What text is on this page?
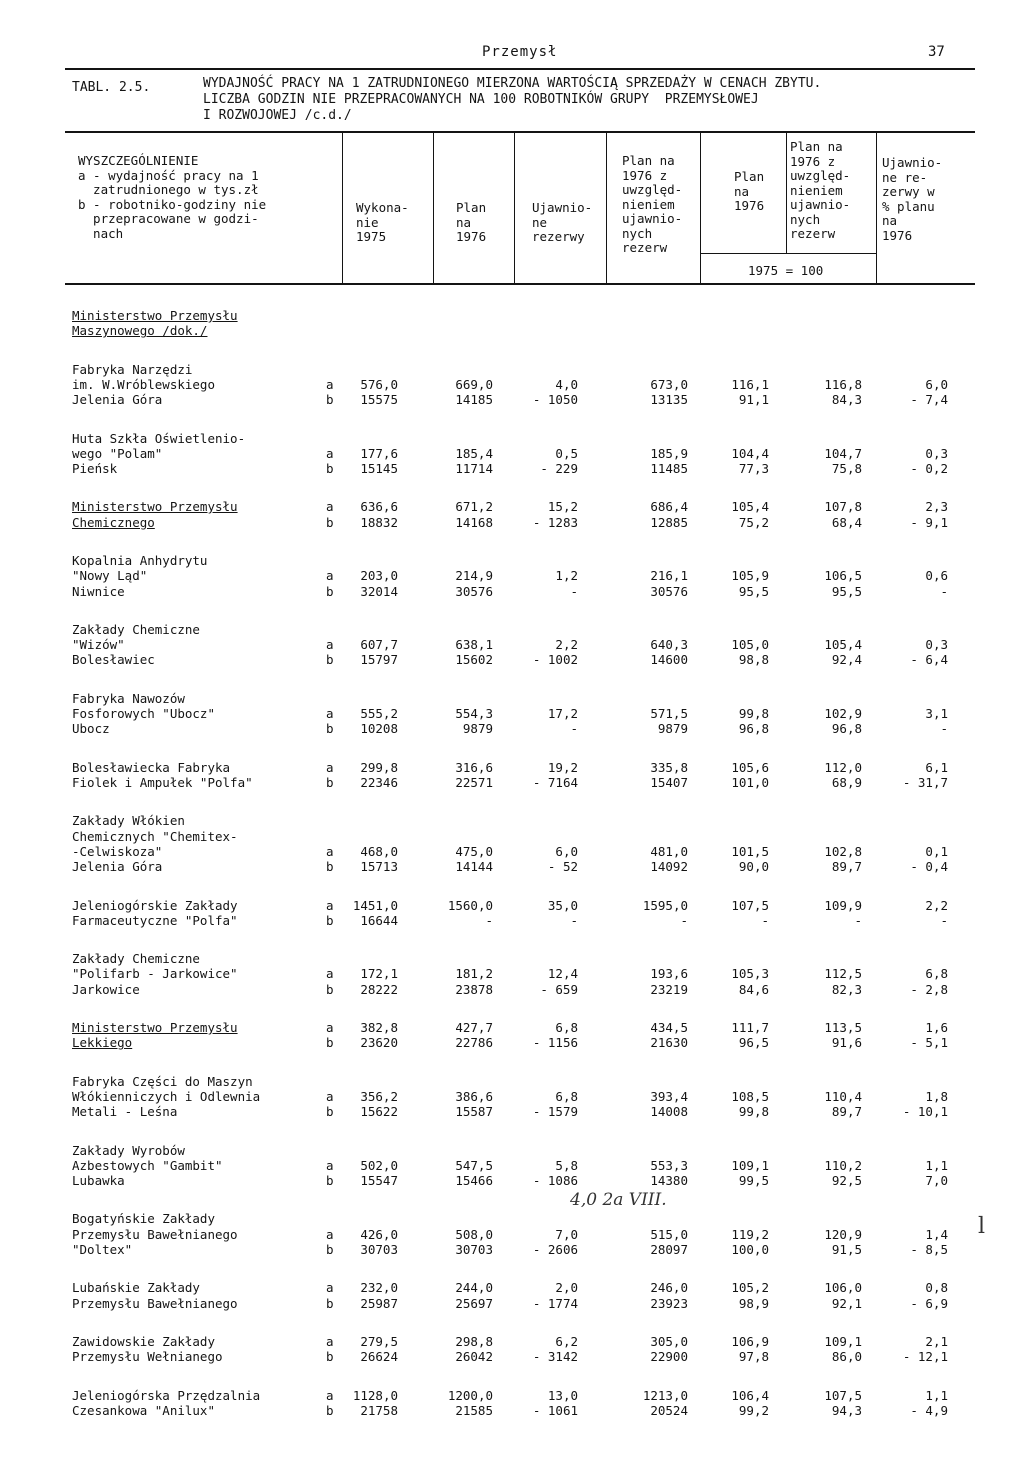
Przemysł	37
TABL. 2.5.	WYDAJNOŚĆ PRACY NA 1 ZATRUDNIONEGO MIERZONA WARTOŚCIĄ SPRZEDAŻY W CENACH ZBYTU.
LICZBA GODZIN NIE PRZEPRACOWANYCH NA 100 ROBOTNIKÓW GRUPY  PRZEMYSŁOWEJ
I ROZWOJOWEJ /c.d./
WYSZCZEGÓLNIENIE
a - wydajność pracy na 1
zatrudnionego w tys.zł
b - robotniko-godziny nie
przepracowane w godzi-
nach
Wykona-
nie
1975
Plan
na
1976
Ujawnio-
ne
rezerwy
Plan na
1976 z
uwzględ-
nieniem
ujawnio-
nych
rezerw
Plan
na
1976
Plan na
1976 z
uwzględ-
nieniem
ujawnio-
nych
rezerw
1975 = 100
Ujawnio-
ne re-
zerwy w
% planu
na
1976
Ministerstwo Przemysłu
Maszynowego /dok./
Fabryka Narzędzi
im. W.Wróblewskiego
Jelenia Góra
a 576,0	669,0	4,0	673,0	116,1	116,8	6,0
b 15575	14185	- 1050	13135	91,1	84,3	- 7,4
Huta Szkła Oświetlenio-
wego "Polam"
Pieńsk
a 177,6	185,4	0,5	185,9	104,4	104,7	0,3
b 15145	11714	- 229	11485	77,3	75,8	- 0,2
Ministerstwo Przemysłu
Chemicznego
a 636,6	671,2	15,2	686,4	105,4	107,8	2,3
b 18832	14168	- 1283	12885	75,2	68,4	- 9,1
Kopalnia Anhydrytu
"Nowy Ląd"
Niwnice
a 203,0	214,9	1,2	216,1	105,9	106,5	0,6
b 32014	30576	-	30576	95,5	95,5	-
Zakłady Chemiczne
"Wizów"
Bolesławiec
a 607,7	638,1	2,2	640,3	105,0	105,4	0,3
b 15797	15602	- 1002	14600	98,8	92,4	- 6,4
Fabryka Nawozów
Fosforowych "Ubocz"
Ubocz
a 555,2	554,3	17,2	571,5	99,8	102,9	3,1
b 10208	9879	-	9879	96,8	96,8	-
Bolesławiecka Fabryka
Fiolek i Ampułek "Polfa"
a 299,8	316,6	19,2	335,8	105,6	112,0	6,1
b 22346	22571	- 7164	15407	101,0	68,9	- 31,7
Zakłady Włókien
Chemicznych "Chemitex-
-Celwiskoza"
Jelenia Góra
a 468,0	475,0	6,0	481,0	101,5	102,8	0,1
b 15713	14144	- 52	14092	90,0	89,7	- 0,4
Jeleniogórskie Zakłady
Farmaceutyczne "Polfa"
a 1451,0	1560,0	35,0	1595,0	107,5	109,9	2,2
b 16644	-	-	-	-	-	-
Zakłady Chemiczne
"Polifarb - Jarkowice"
Jarkowice
a 172,1	181,2	12,4	193,6	105,3	112,5	6,8
b 28222	23878	- 659	23219	84,6	82,3	- 2,8
Ministerstwo Przemysłu
Lekkiego
a 382,8	427,7	6,8	434,5	111,7	113,5	1,6
b 23620	22786	- 1156	21630	96,5	91,6	- 5,1
Fabryka Części do Maszyn
Włókienniczych i Odlewnia
Metali - Leśna
a 356,2	386,6	6,8	393,4	108,5	110,4	1,8
b 15622	15587	- 1579	14008	99,8	89,7	- 10,1
Zakłady Wyrobów
Azbestowych "Gambit"
Lubawka
a 502,0	547,5	5,8	553,3	109,1	110,2	1,1
b 15547	15466	- 1086	14380	99,5	92,5	7,0
Bogatyńskie Zakłady
Przemysłu Bawełnianego
"Doltex"
a 426,0	508,0	7,0	515,0	119,2	120,9	1,4
b 30703	30703	- 2606	28097	100,0	91,5	- 8,5
Lubańskie Zakłady
Przemysłu Bawełnianego
a 232,0	244,0	2,0	246,0	105,2	106,0	0,8
b 25987	25697	- 1774	23923	98,9	92,1	- 6,9
Zawidowskie Zakłady
Przemysłu Wełnianego
a 279,5	298,8	6,2	305,0	106,9	109,1	2,1
b 26624	26042	- 3142	22900	97,8	86,0	- 12,1
Jeleniogórska Przędzalnia
Czesankowa "Anilux"
a 1128,0	1200,0	13,0	1213,0	106,4	107,5	1,1
b 21758	21585	- 1061	20524	99,2	94,3	- 4,9
4,0 2a VIII.
l
